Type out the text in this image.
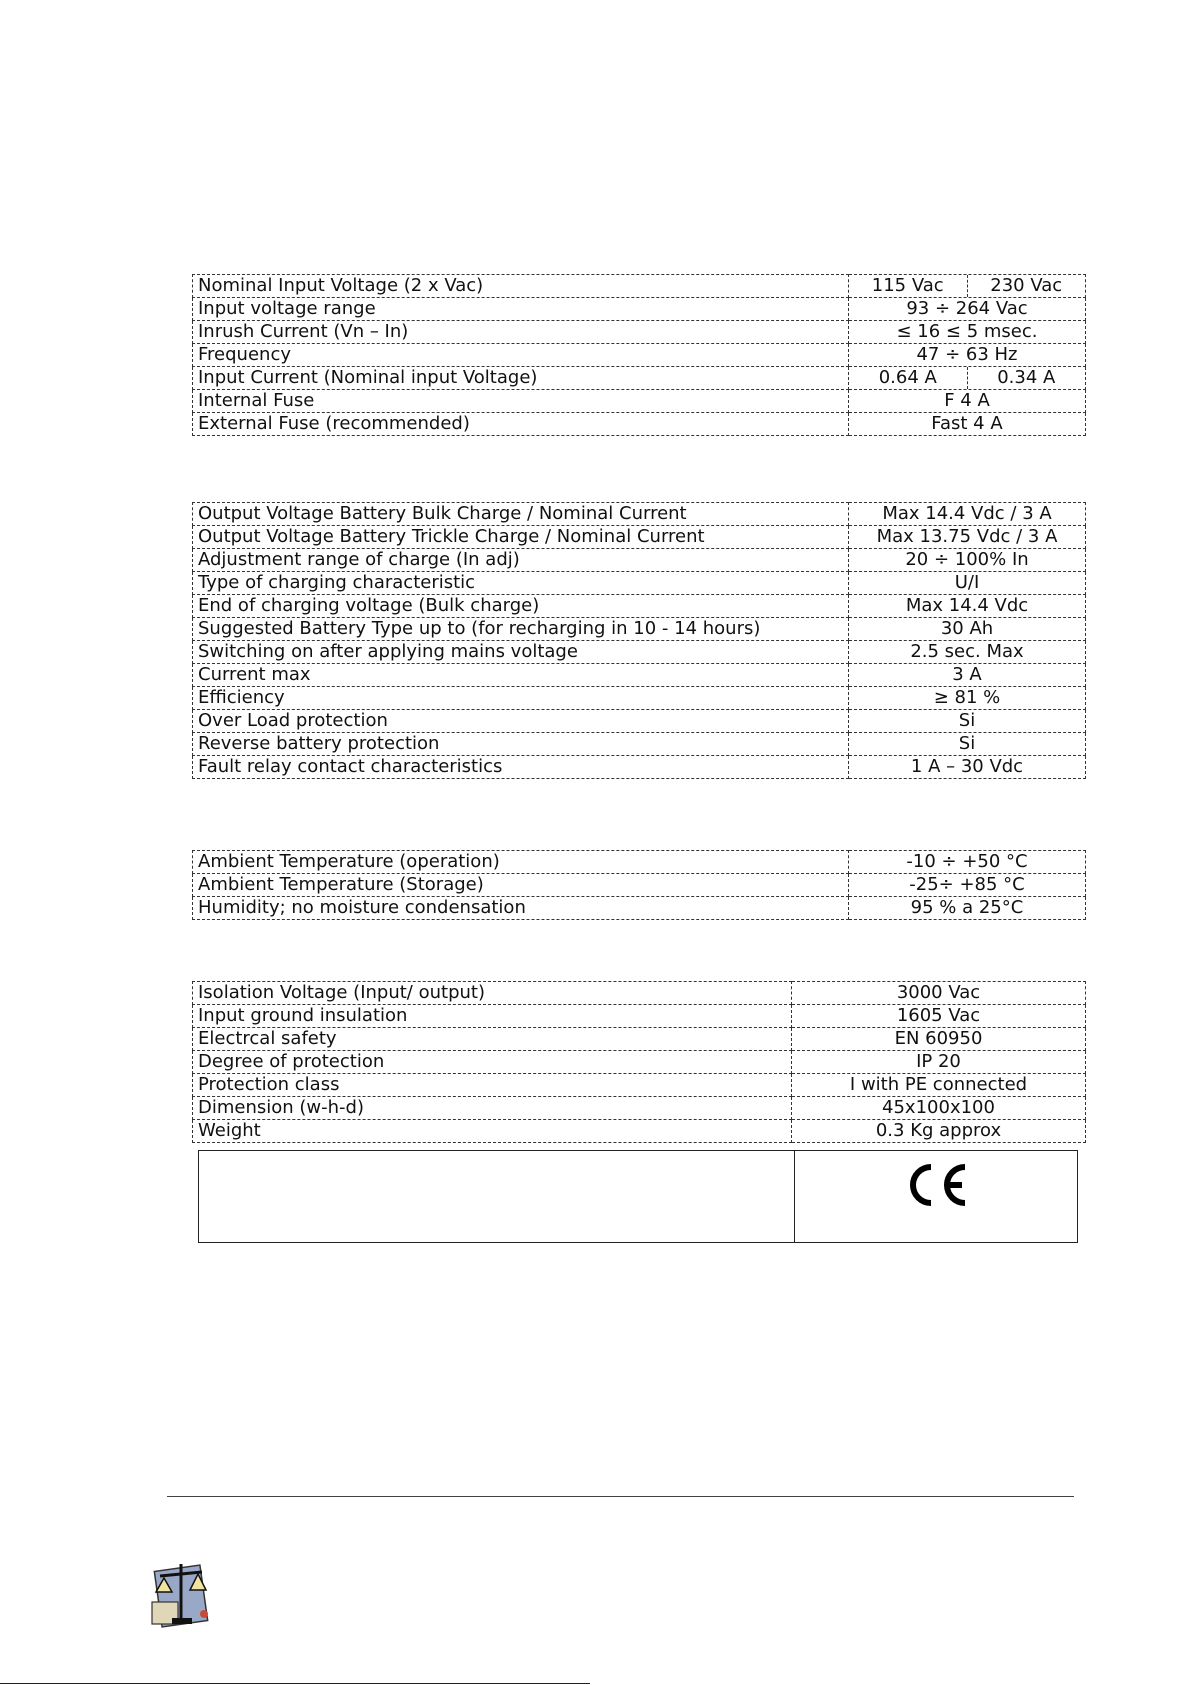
Nominal Input Voltage (2 x Vac)	115 Vac 230 Vac

Input voltage range	93 ÷ 264 Vac
Inrush Current (Vn – In)	≤ 16 ≤ 5 msec.
Frequency	47 ÷ 63 Hz
Input Current (Nominal input Voltage)	0.64 A 0.34 A

Internal Fuse	F 4 A
External Fuse (recommended)	Fast 4 A
Output Voltage Battery Bulk Charge / Nominal Current	Max 14.4 Vdc / 3 A
Output Voltage Battery Trickle Charge / Nominal Current	Max 13.75 Vdc / 3 A
Adjustment range of charge (In adj)	20 ÷ 100% In
Type of charging characteristic	U/I
End of charging voltage (Bulk charge)	Max 14.4 Vdc
Suggested Battery Type up to (for recharging in 10 - 14 hours)	30 Ah
Switching on after applying mains voltage	2.5 sec. Max
Current max	3 A
Efficiency	≥ 81 %
Over Load protection	Si
Reverse battery protection	Si
Fault relay contact characteristics	1 A – 30 Vdc
Ambient Temperature (operation)	-10 ÷ +50 °C
Ambient Temperature (Storage)	-25÷ +85 °C
Humidity; no moisture condensation	95 % a 25°C
Isolation Voltage (Input/ output)	3000 Vac
Input ground insulation	1605 Vac
Electrcal safety	EN 60950
Degree of protection	IP 20
Protection class	I with PE connected
Dimension (w-h-d)	45x100x100
Weight	0.3 Kg approx
